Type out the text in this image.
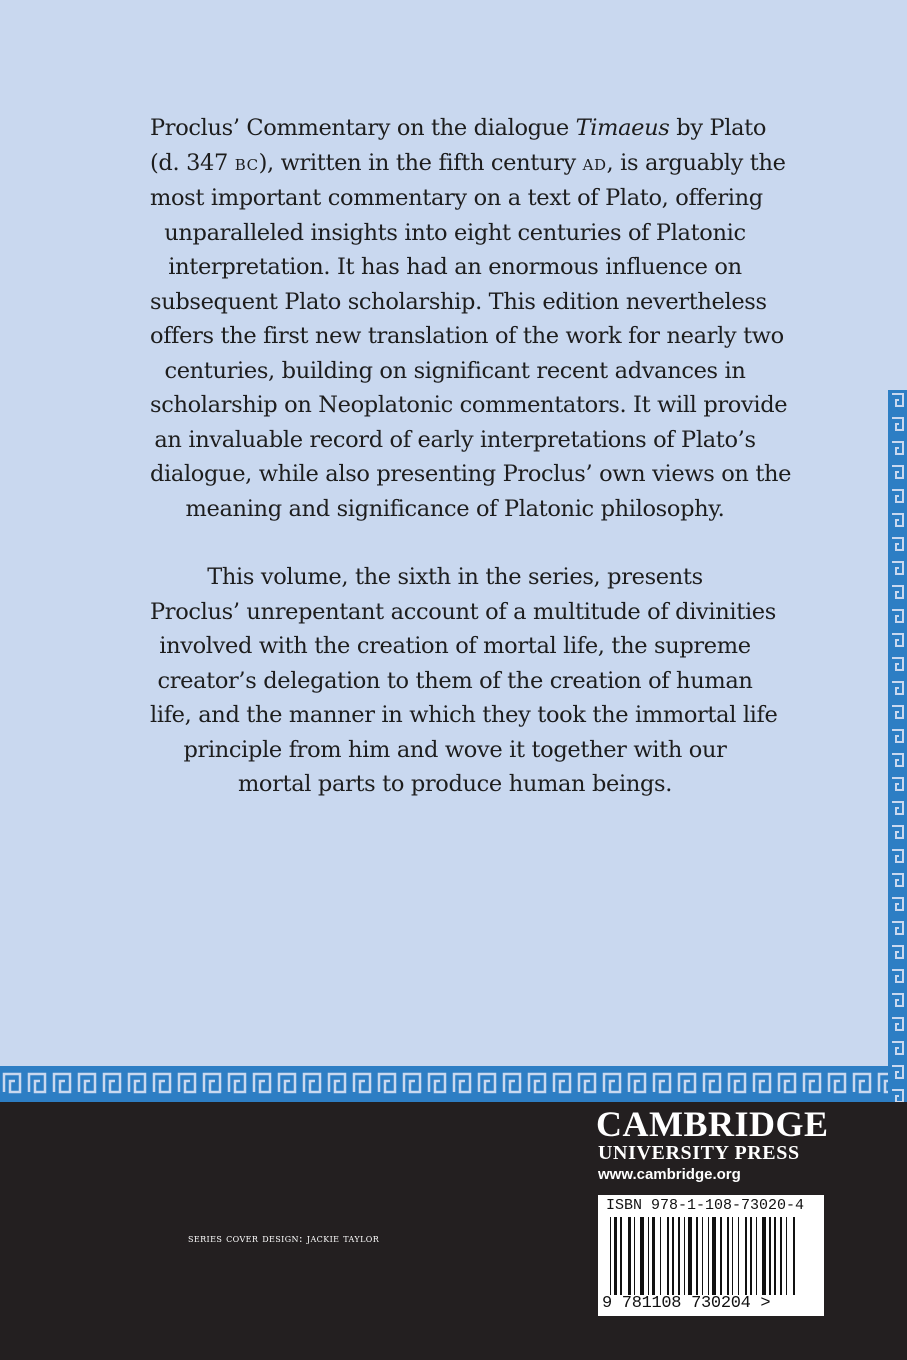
Proclus’ Commentary on the dialogue Timaeus by Plato
(d. 347 bc), written in the fifth century ad, is arguably the
most important commentary on a text of Plato, offering
unparalleled insights into eight centuries of Platonic
interpretation. It has had an enormous influence on
subsequent Plato scholarship. This edition nevertheless
offers the first new translation of the work for nearly two
centuries, building on significant recent advances in
scholarship on Neoplatonic commentators. It will provide
an invaluable record of early interpretations of Plato’s
dialogue, while also presenting Proclus’ own views on the
meaning and significance of Platonic philosophy.
This volume, the sixth in the series, presents
Proclus’ unrepentant account of a multitude of divinities
involved with the creation of mortal life, the supreme
creator’s delegation to them of the creation of human
life, and the manner in which they took the immortal life
principle from him and wove it together with our
mortal parts to produce human beings.
series cover design: jackie taylor
CAMBRIDGE
UNIVERSITY PRESS
www.cambridge.org
ISBN 978-1-108-73020-4
9 781108 730204 >
